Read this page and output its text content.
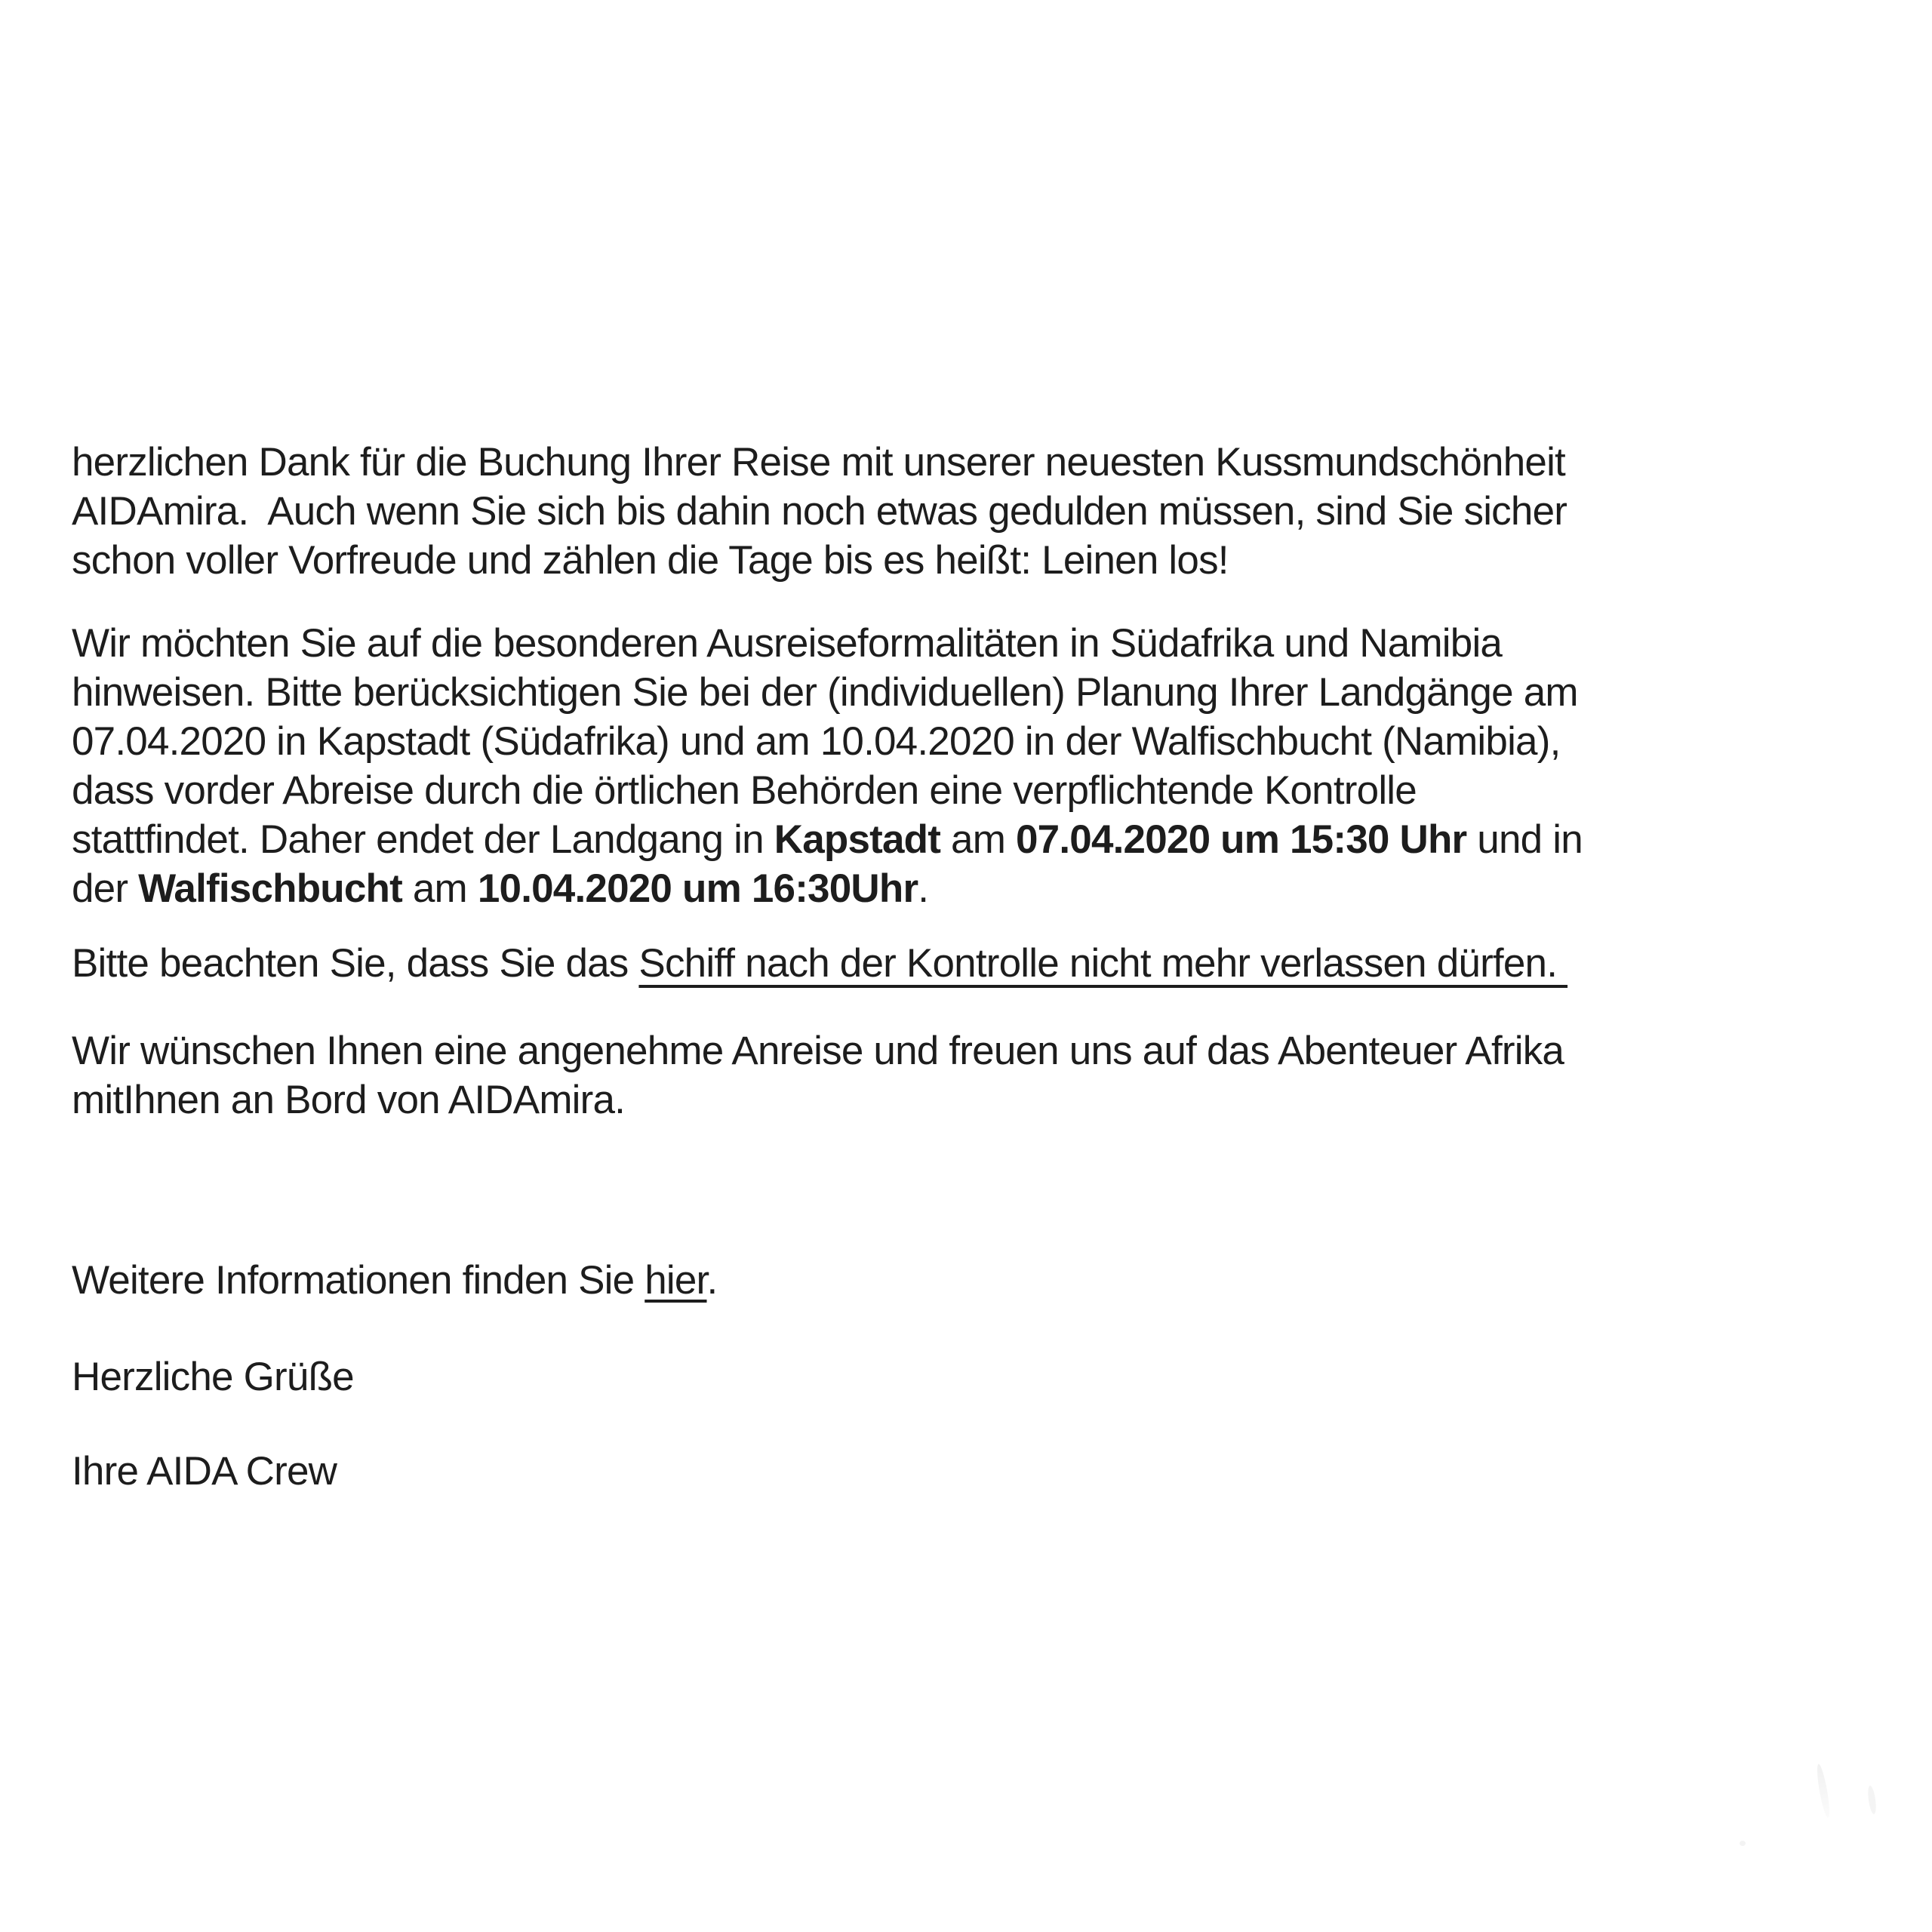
herzlichen Dank für die Buchung Ihrer Reise mit unserer neuesten Kussmundschönheit
AIDAmira.  Auch wenn Sie sich bis dahin noch etwas gedulden müssen, sind Sie sicher
schon voller Vorfreude und zählen die Tage bis es heißt: Leinen los!
Wir möchten Sie auf die besonderen Ausreiseformalitäten in Südafrika und Namibia
hinweisen. Bitte berücksichtigen Sie bei der (individuellen) Planung Ihrer Landgänge am
07.04.2020 in Kapstadt (Südafrika) und am 10.04.2020 in der Walfischbucht (Namibia),
dass vorder Abreise durch die örtlichen Behörden eine verpflichtende Kontrolle
stattfindet. Daher endet der Landgang in Kapstadt am 07.04.2020 um 15:30 Uhr und in
der Walfischbucht am 10.04.2020 um 16:30Uhr.
Bitte beachten Sie, dass Sie das Schiff nach der Kontrolle nicht mehr verlassen dürfen.
Wir wünschen Ihnen eine angenehme Anreise und freuen uns auf das Abenteuer Afrika
mitIhnen an Bord von AIDAmira.
Weitere Informationen finden Sie hier.
Herzliche Grüße
Ihre AIDA Crew
